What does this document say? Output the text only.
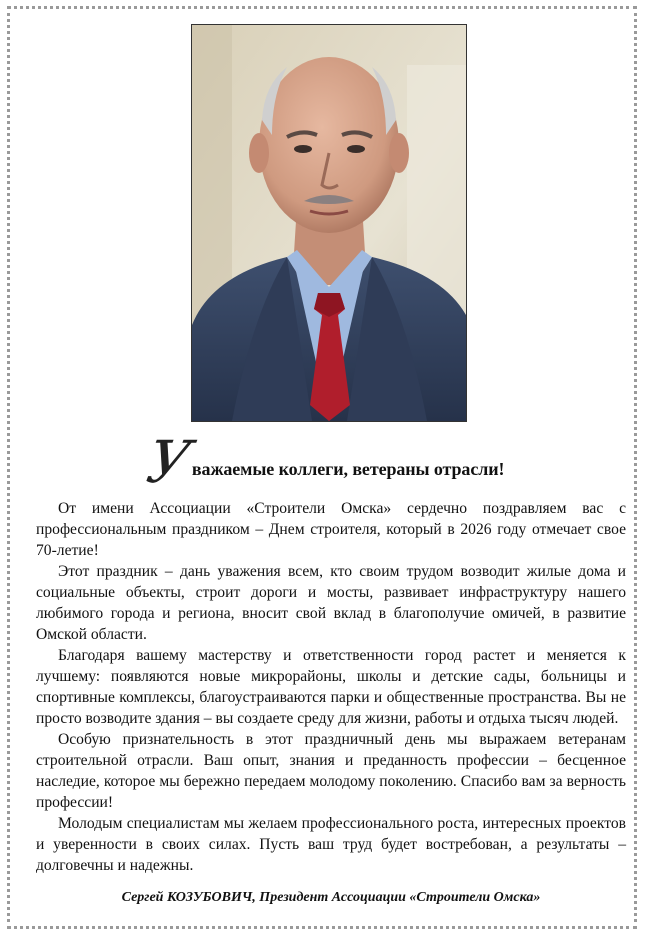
У
важаемые коллеги, ветераны отрасли!

От имени Ассоциации «Строители Омска» сердечно поздравляем вас с профессиональным праздником – Днем строителя, который в 2026 году отмечает свое 70-летие!

Этот праздник – дань уважения всем, кто своим трудом возводит жилые дома и социальные объекты, строит дороги и мосты, развивает инфраструктуру нашего любимого города и региона, вносит свой вклад в благополучие омичей, в развитие Омской области.

Благодаря вашему мастерству и ответственности город растет и меняется к лучшему: появляются новые микрорайоны, школы и детские сады, больницы и спортивные комплексы, благоустраиваются парки и общественные пространства. Вы не просто возводите здания – вы создаете среду для жизни, работы и отдыха тысяч людей.

Особую признательность в этот праздничный день мы выражаем ветеранам строительной отрасли. Ваш опыт, знания и преданность профессии – бесценное наследие, которое мы бережно передаем молодому поколению. Спасибо вам за верность профессии!

Молодым специалистам мы желаем профессионального роста, интересных проектов и уверенности в своих силах. Пусть ваш труд будет востребован, а результаты – долговечны и надежны.

Сергей КОЗУБОВИЧ, Президент Ассоциации «Строители Омска»
